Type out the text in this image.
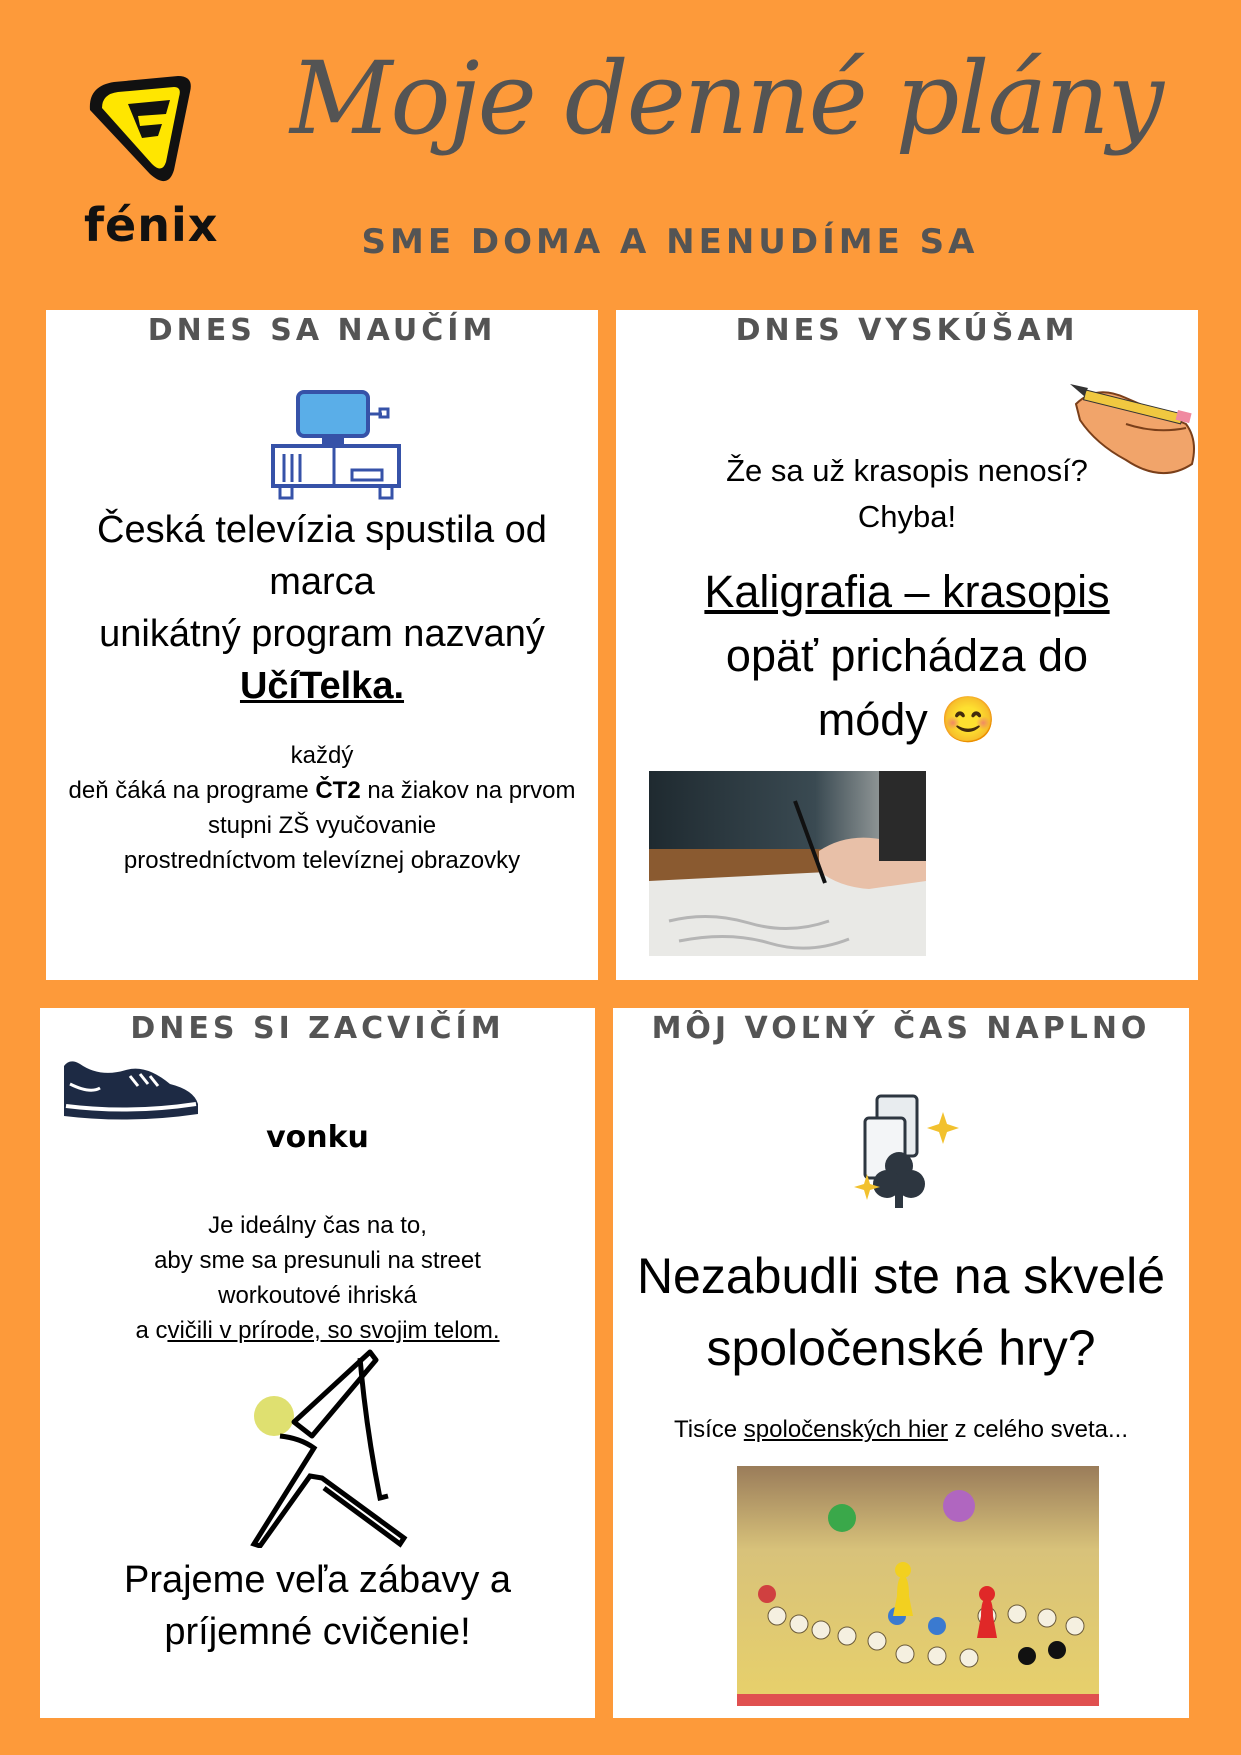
fénix
Moje denné plány
SME DOMA A NENUDÍME SA
DNES SA NAUČÍM
Česká televízia spustila od
marca
unikátný program nazvaný
UčíTelka.
každý
deň čáká na programe ČT2 na žiakov na prvom
stupni ZŠ vyučovanie
prostredníctvom televíznej obrazovky
DNES VYSKÚŠAM
Že sa už krasopis nenosí?
Chyba!
Kaligrafia – krasopis
opäť prichádza do
módy 😊
DNES SI ZACVIČÍM
vonku
Je ideálny čas na to,
aby sme sa presunuli na street
workoutové ihriská
a cvičili v prírode, so svojim telom.
Prajeme veľa zábavy a
príjemné cvičenie!
MÔJ VOĽNÝ ČAS NAPLNO
Nezabudli ste na skvelé
spoločenské hry?
Tisíce spoločenských hier z celého sveta...
